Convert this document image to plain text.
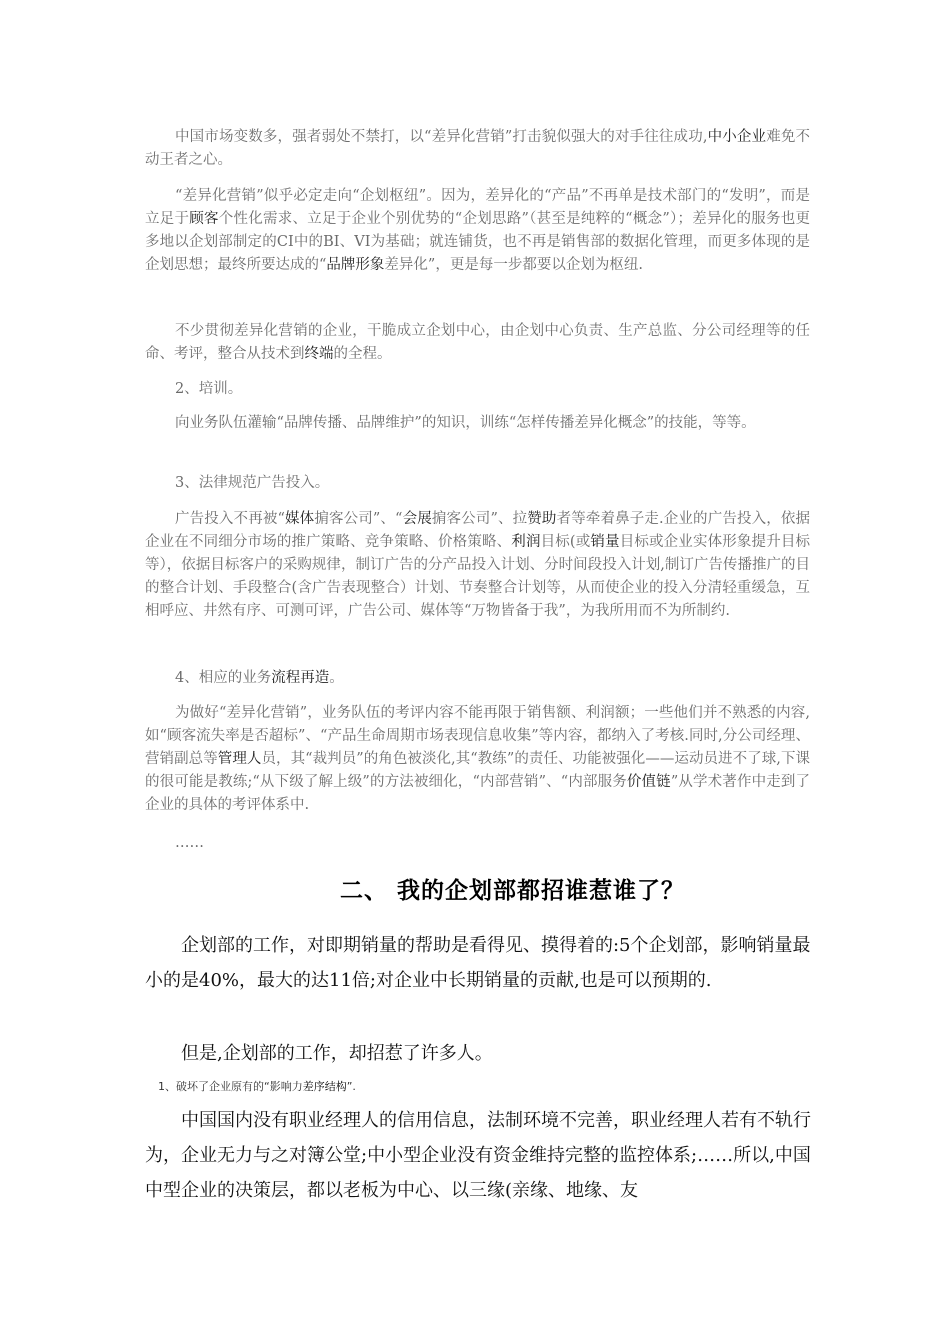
中国市场变数多，强者弱处不禁打，以“差异化营销”打击貌似强大的对手往往成功,中小企业难免不动王者之心。

“差异化营销”似乎必定走向“企划枢纽”。因为，差异化的“产品”不再单是技术部门的“发明”，而是立足于顾客个性化需求、立足于企业个别优势的“企划思路”（甚至是纯粹的“概念”）；差异化的服务也更多地以企划部制定的CI中的BI、VI为基础；就连铺货，也不再是销售部的数据化管理，而更多体现的是企划思想；最终所要达成的“品牌形象差异化”，更是每一步都要以企划为枢纽.

不少贯彻差异化营销的企业，干脆成立企划中心，由企划中心负责、生产总监、分公司经理等的任命、考评，整合从技术到终端的全程。

2、培训。

向业务队伍灌输“品牌传播、品牌维护”的知识，训练“怎样传播差异化概念”的技能，等等。

3、法律规范广告投入。

广告投入不再被“媒体掮客公司”、“会展掮客公司”、拉赞助者等牵着鼻子走.企业的广告投入，依据企业在不同细分市场的推广策略、竞争策略、价格策略、利润目标(或销量目标或企业实体形象提升目标等），依据目标客户的采购规律，制订广告的分产品投入计划、分时间段投入计划,制订广告传播推广的目的整合计划、手段整合(含广告表现整合）计划、节奏整合计划等，从而使企业的投入分清轻重缓急，互相呼应、井然有序、可测可评，广告公司、媒体等“万物皆备于我”，为我所用而不为所制约.

4、相应的业务流程再造。

为做好“差异化营销”，业务队伍的考评内容不能再限于销售额、利润额；一些他们并不熟悉的内容,如“顾客流失率是否超标”、“产品生命周期市场表现信息收集”等内容，都纳入了考核.同时,分公司经理、营销副总等管理人员，其“裁判员”的角色被淡化,其“教练”的责任、功能被强化——运动员进不了球,下课的很可能是教练;“从下级了解上级”的方法被细化，“内部营销”、“内部服务价值链”从学术著作中走到了企业的具体的考评体系中.

……

二、 我的企划部都招谁惹谁了？

企划部的工作，对即期销量的帮助是看得见、摸得着的:5个企划部，影响销量最小的是40%，最大的达11倍;对企业中长期销量的贡献,也是可以预期的.

但是,企划部的工作，却招惹了许多人。

1、破坏了企业原有的“影响力差序结构”.

中国国内没有职业经理人的信用信息，法制环境不完善，职业经理人若有不轨行为，企业无力与之对簿公堂;中小型企业没有资金维持完整的监控体系;……所以,中国中型企业的决策层，都以老板为中心、以三缘(亲缘、地缘、友
